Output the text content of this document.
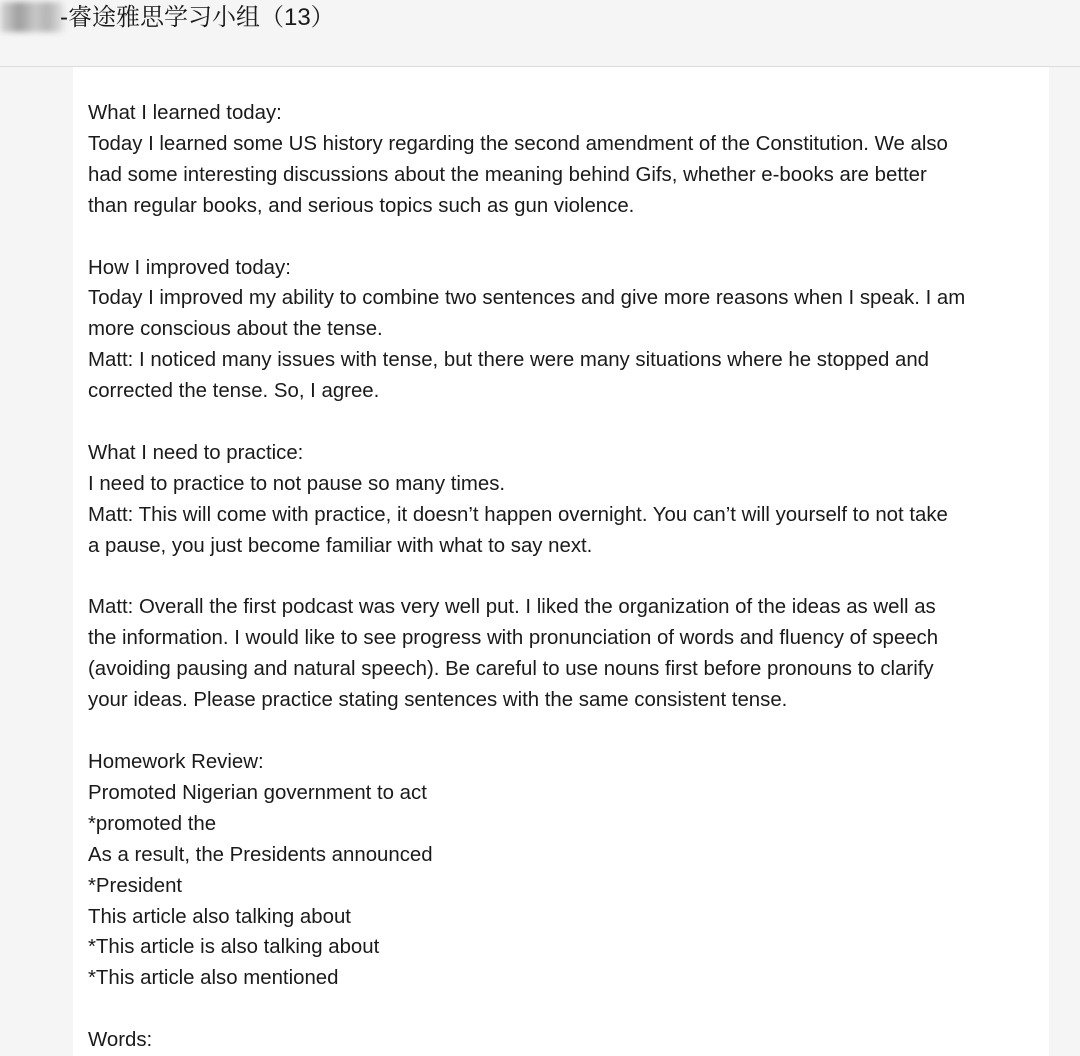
-睿途雅思学习小组（13）
What I learned today:
Today I learned some US history regarding the second amendment of the Constitution. We also
had some interesting discussions about the meaning behind Gifs, whether e-books are better
than regular books, and serious topics such as gun violence.
How I improved today:
Today I improved my ability to combine two sentences and give more reasons when I speak. I am
more conscious about the tense.
Matt: I noticed many issues with tense, but there were many situations where he stopped and
corrected the tense. So, I agree.
What I need to practice:
I need to practice to not pause so many times.
Matt: This will come with practice, it doesn’t happen overnight. You can’t will yourself to not take
a pause, you just become familiar with what to say next.
Matt: Overall the first podcast was very well put. I liked the organization of the ideas as well as
the information. I would like to see progress with pronunciation of words and fluency of speech
(avoiding pausing and natural speech). Be careful to use nouns first before pronouns to clarify
your ideas. Please practice stating sentences with the same consistent tense.
Homework Review:
Promoted Nigerian government to act
*promoted the
As a result, the Presidents announced
*President
This article also talking about
*This article is also talking about
*This article also mentioned
Words:
